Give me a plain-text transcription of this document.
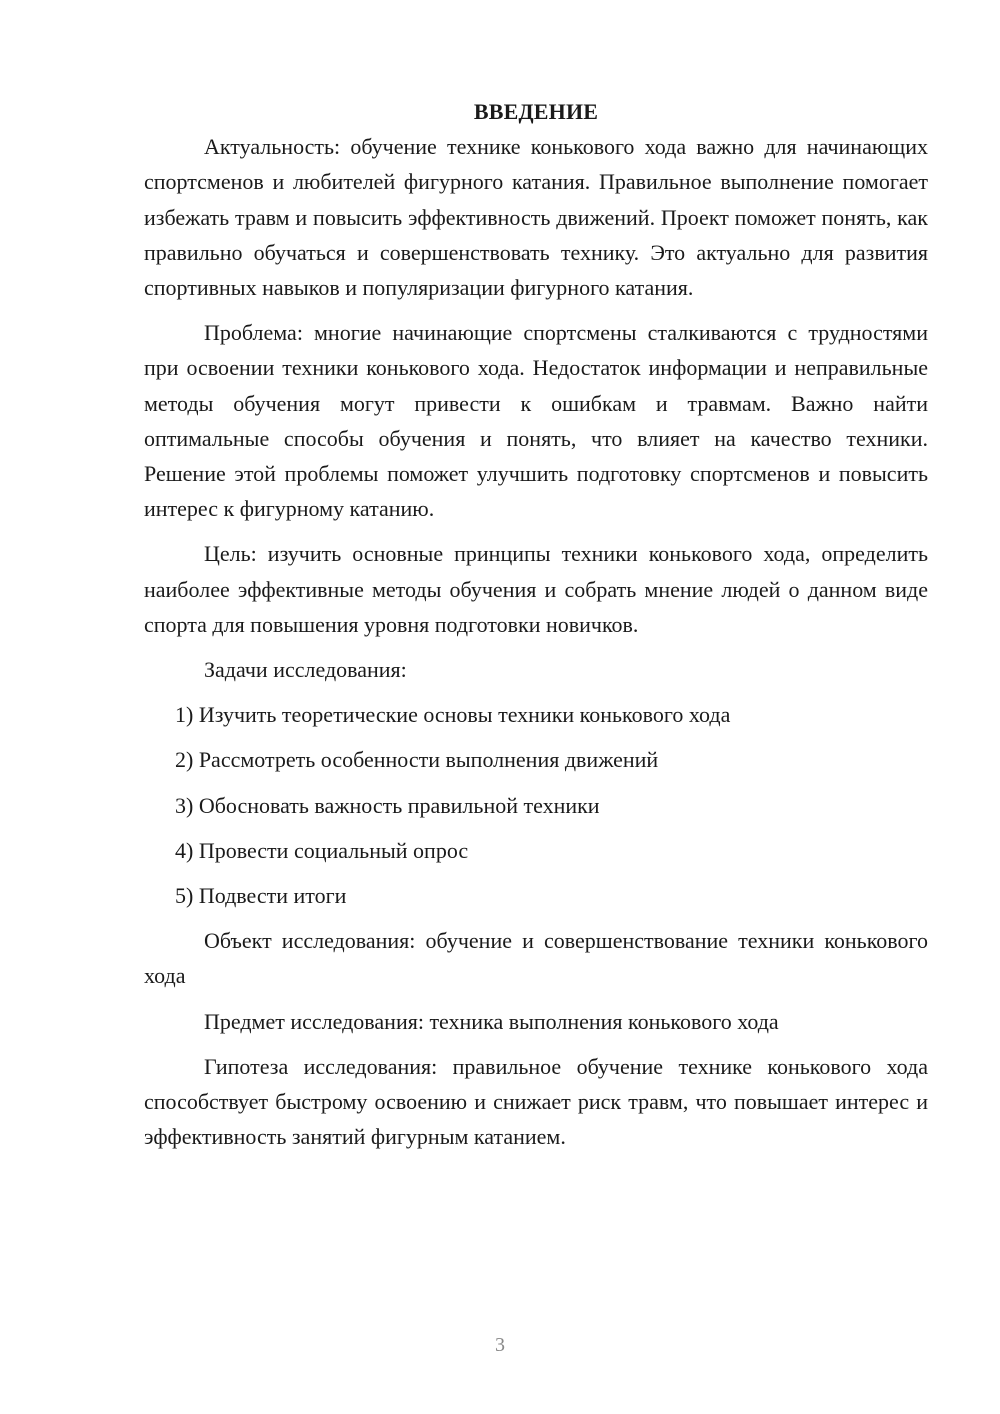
ВВЕДЕНИЕ

Актуальность: обучение технике конькового хода важно для начинающих спортсменов и любителей фигурного катания. Правильное выполнение помогает избежать травм и повысить эффективность движений. Проект поможет понять, как правильно обучаться и совершенствовать технику. Это актуально для развития спортивных навыков и популяризации фигурного катания.

Проблема: многие начинающие спортсмены сталкиваются с трудностями при освоении техники конькового хода. Недостаток информации и неправильные методы обучения могут привести к ошибкам и травмам. Важно найти оптимальные способы обучения и понять, что влияет на качество техники. Решение этой проблемы поможет улучшить подготовку спортсменов и повысить интерес к фигурному катанию.

Цель: изучить основные принципы техники конькового хода, определить наиболее эффективные методы обучения и собрать мнение людей о данном виде спорта для повышения уровня подготовки новичков.

Задачи исследования:

1) Изучить теоретические основы техники конькового хода
2) Рассмотреть особенности выполнения движений
3) Обосновать важность правильной техники
4) Провести социальный опрос
5) Подвести итоги

Объект исследования: обучение и совершенствование техники конькового хода

Предмет исследования: техника выполнения конькового хода

Гипотеза исследования: правильное обучение технике конькового хода способствует быстрому освоению и снижает риск травм, что повышает интерес и эффективность занятий фигурным катанием.

3
